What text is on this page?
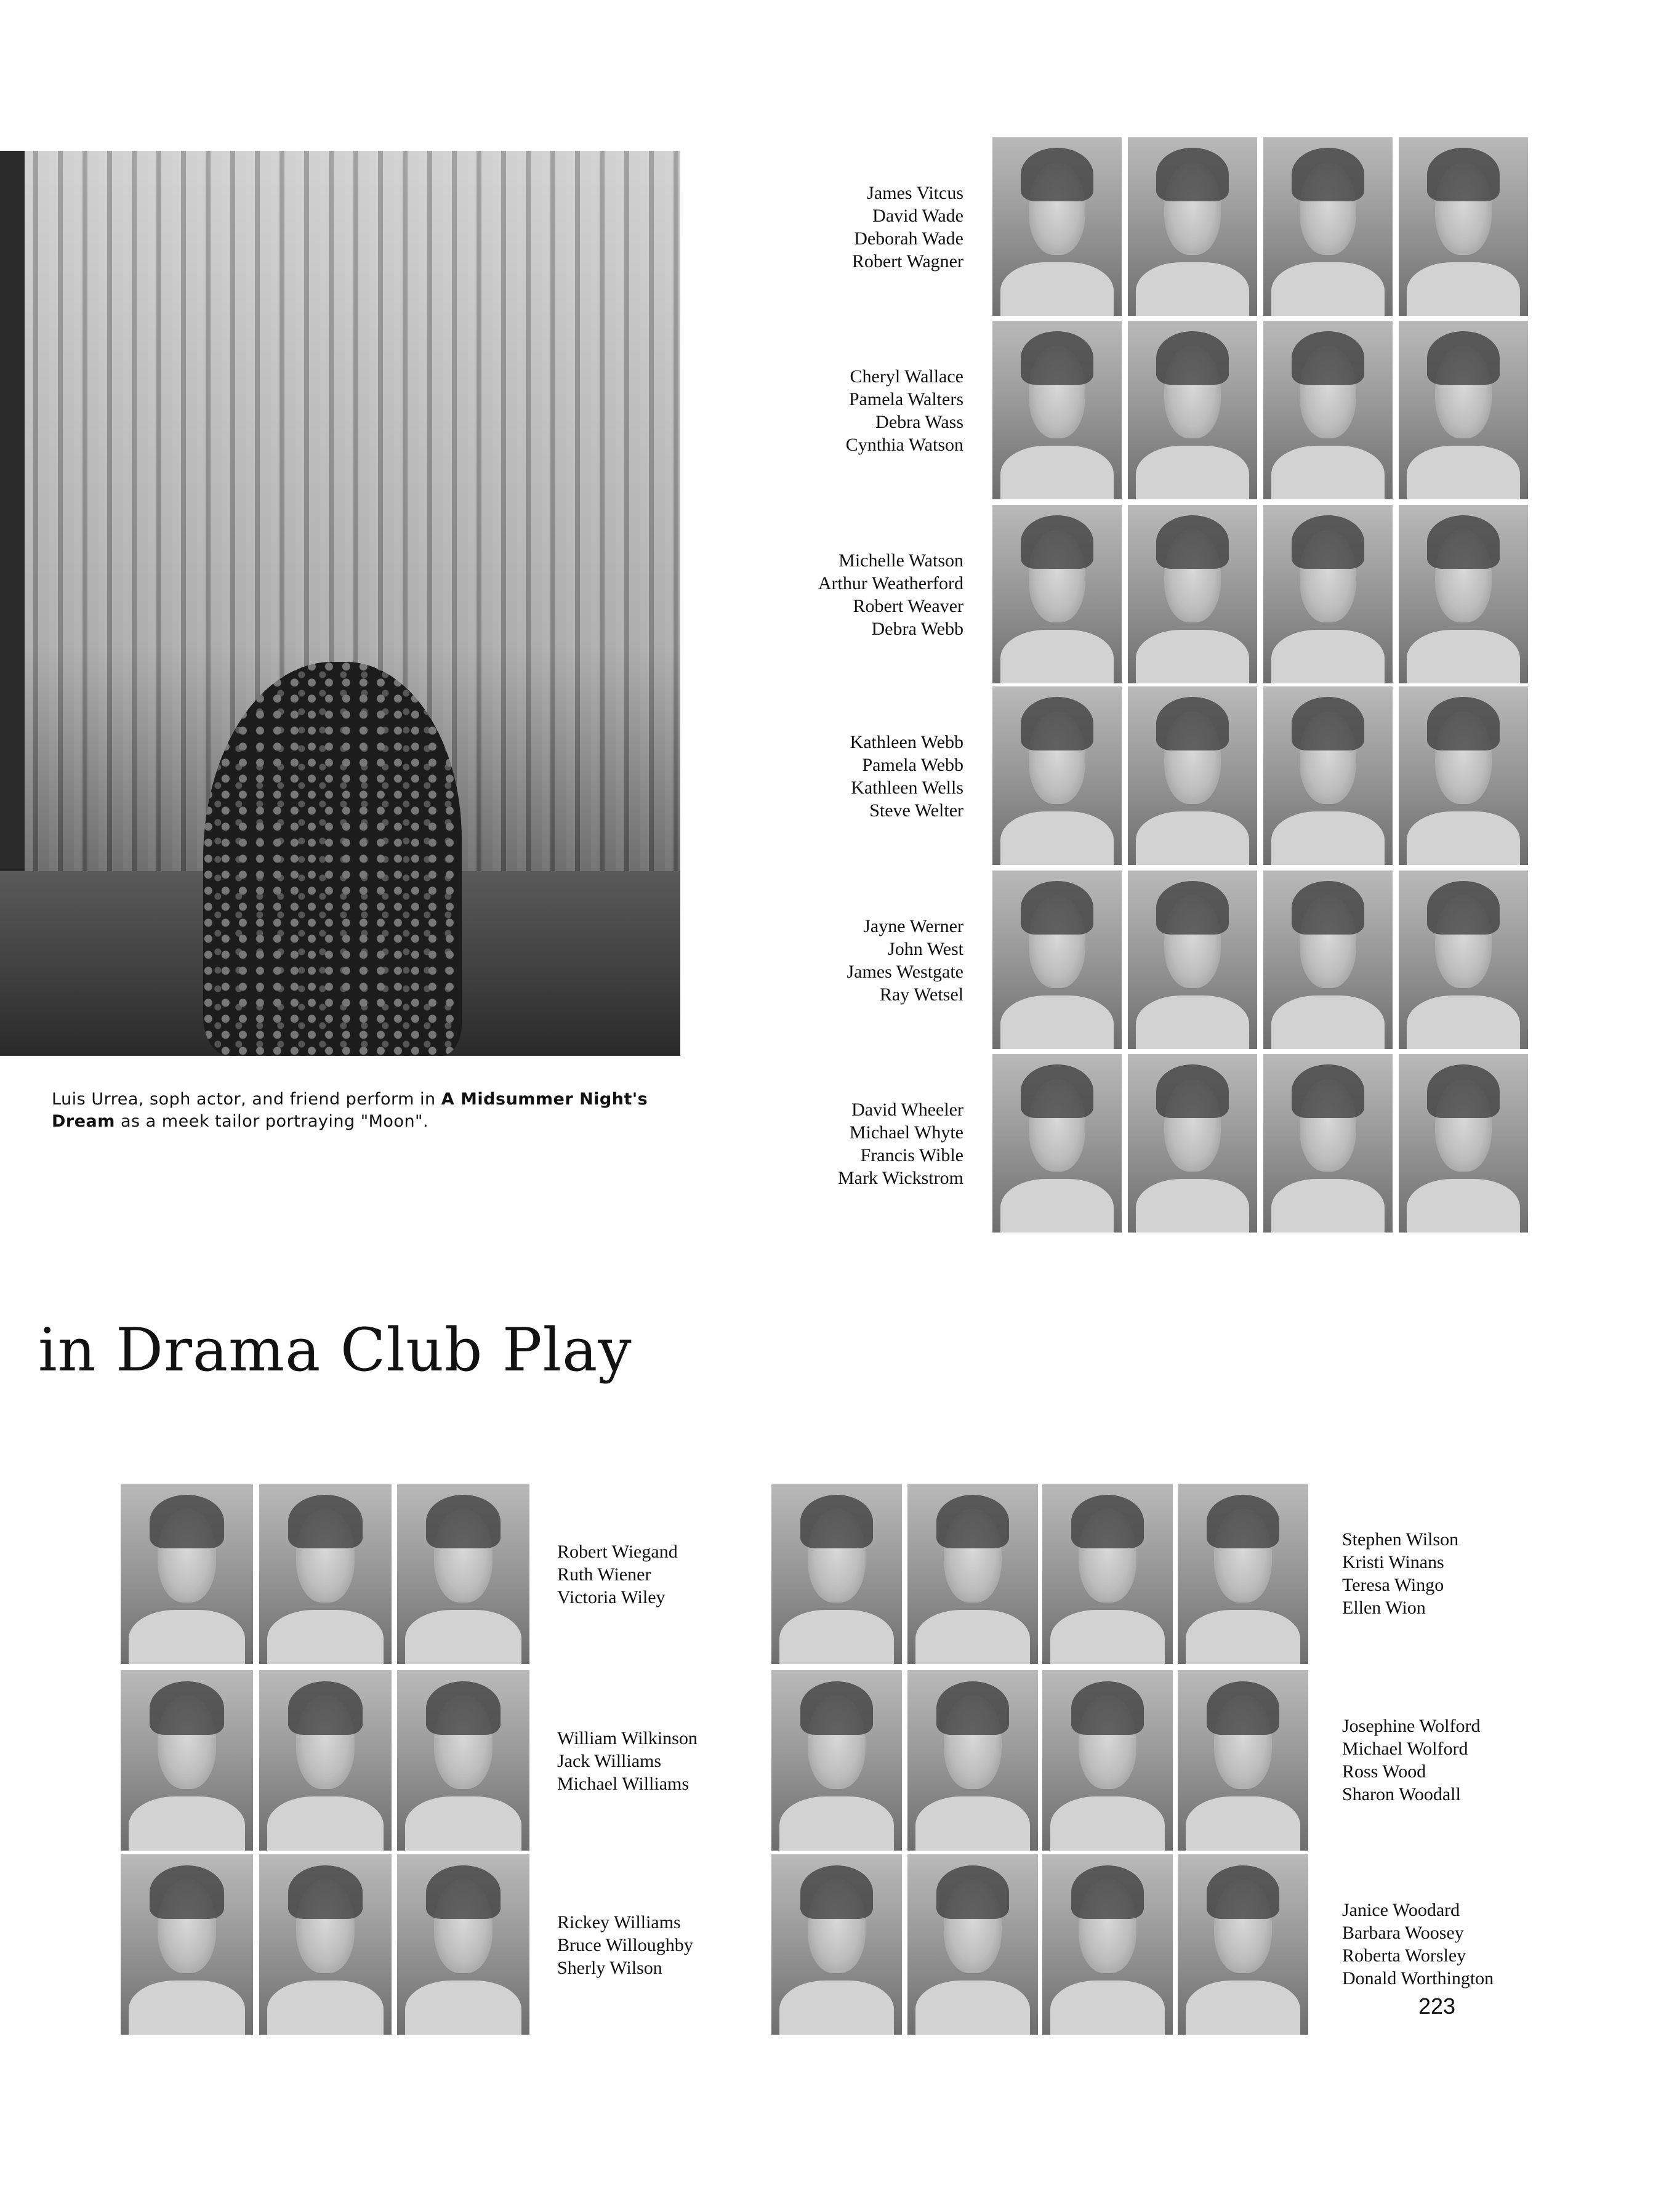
Luis Urrea, soph actor, and friend perform in A Midsummer Night's
Dream as a meek tailor portraying "Moon".
in Drama Club Play
James Vitcus
David Wade
Deborah Wade
Robert Wagner
Cheryl Wallace
Pamela Walters
Debra Wass
Cynthia Watson
Michelle Watson
Arthur Weatherford
Robert Weaver
Debra Webb
Kathleen Webb
Pamela Webb
Kathleen Wells
Steve Welter
Jayne Werner
John West
James Westgate
Ray Wetsel
David Wheeler
Michael Whyte
Francis Wible
Mark Wickstrom
Robert Wiegand
Ruth Wiener
Victoria Wiley
William Wilkinson
Jack Williams
Michael Williams
Rickey Williams
Bruce Willoughby
Sherly Wilson
Stephen Wilson
Kristi Winans
Teresa Wingo
Ellen Wion
Josephine Wolford
Michael Wolford
Ross Wood
Sharon Woodall
Janice Woodard
Barbara Woosey
Roberta Worsley
Donald Worthington
223
